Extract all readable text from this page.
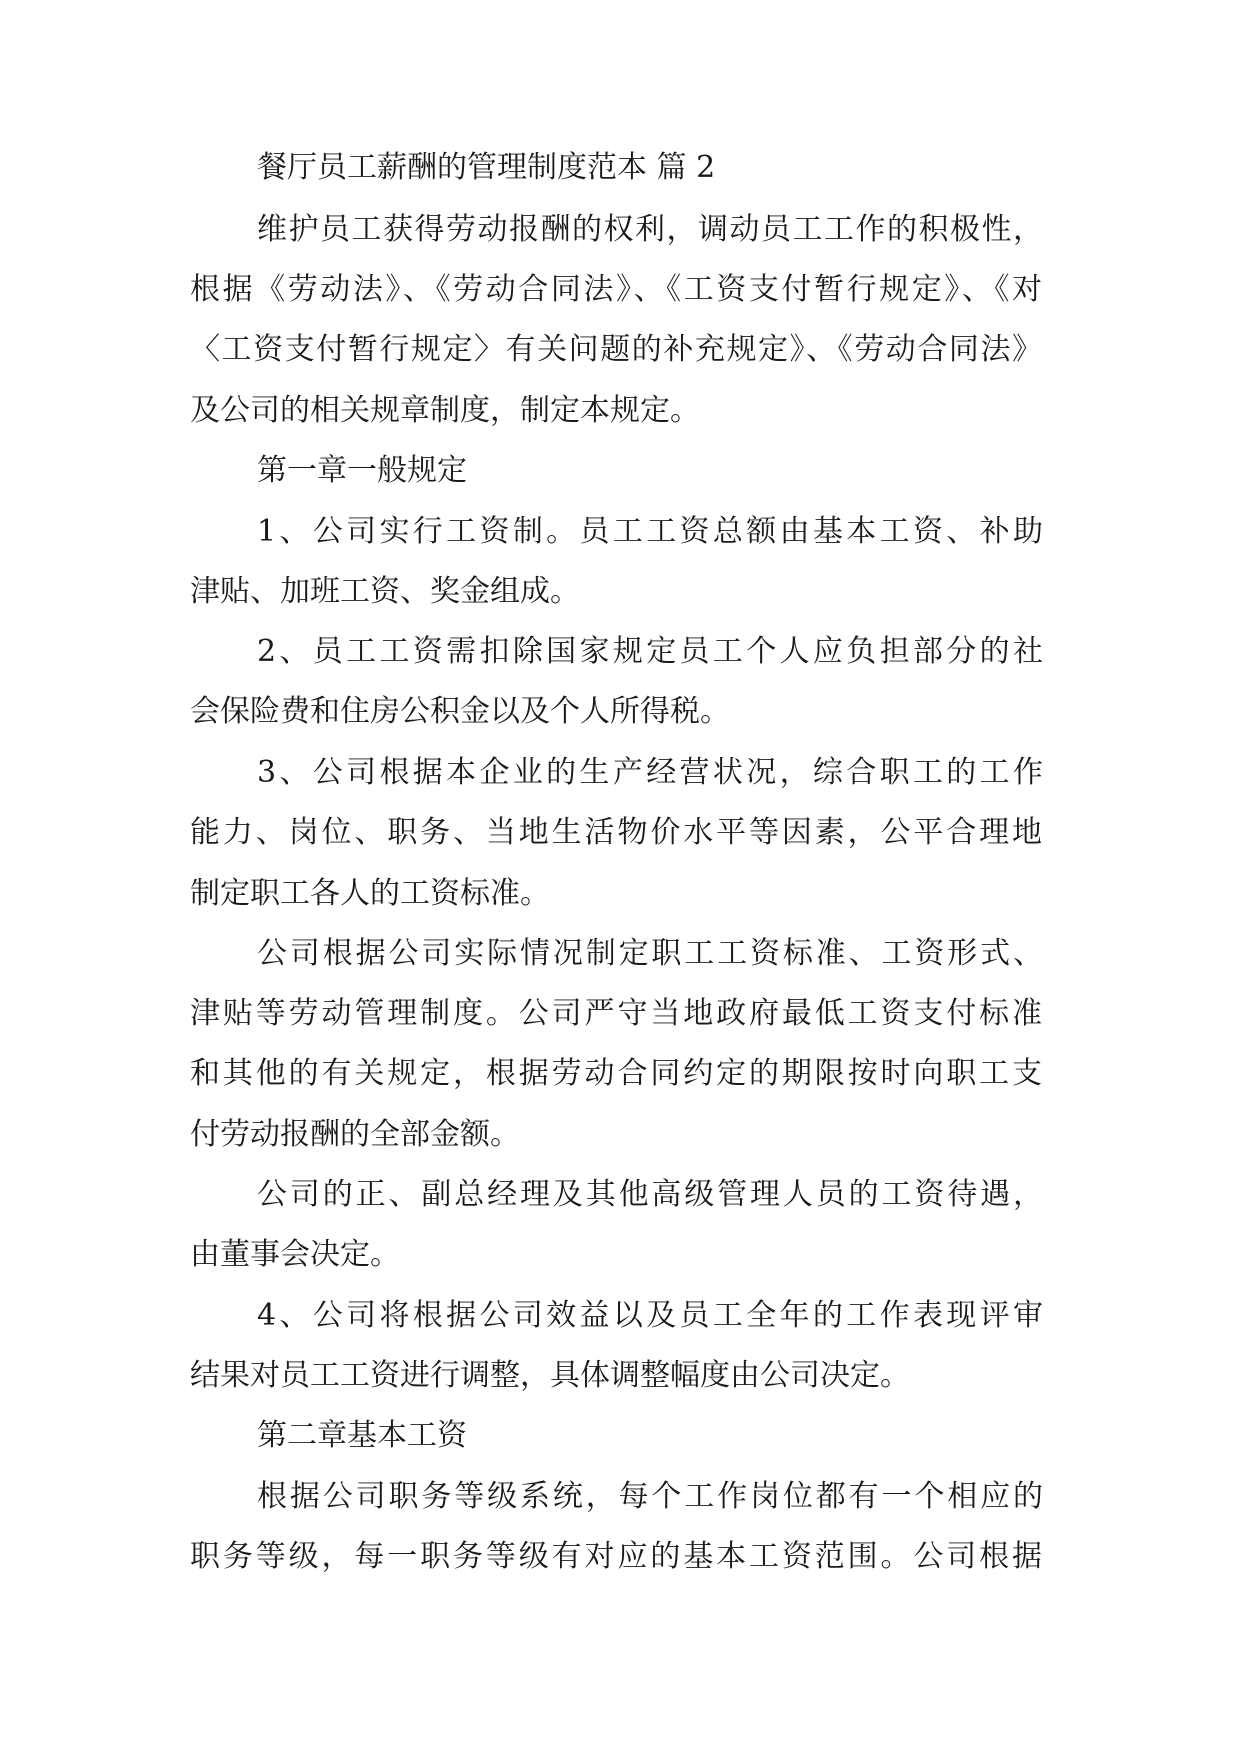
餐厅员工薪酬的管理制度范本 篇 2
维护员工获得劳动报酬的权利，调动员工工作的积极性，
根据《劳动法》、《劳动合同法》、《工资支付暂行规定》、《对
〈工资支付暂行规定〉有关问题的补充规定》、《劳动合同法》
及公司的相关规章制度，制定本规定。
第一章一般规定
1、公司实行工资制。员工工资总额由基本工资、补助
津贴、加班工资、奖金组成。
2、员工工资需扣除国家规定员工个人应负担部分的社
会保险费和住房公积金以及个人所得税。
3、公司根据本企业的生产经营状况，综合职工的工作
能力、岗位、职务、当地生活物价水平等因素，公平合理地
制定职工各人的工资标准。
公司根据公司实际情况制定职工工资标准、工资形式、
津贴等劳动管理制度。公司严守当地政府最低工资支付标准
和其他的有关规定，根据劳动合同约定的期限按时向职工支
付劳动报酬的全部金额。
公司的正、副总经理及其他高级管理人员的工资待遇，
由董事会决定。
4、公司将根据公司效益以及员工全年的工作表现评审
结果对员工工资进行调整，具体调整幅度由公司决定。
第二章基本工资
根据公司职务等级系统，每个工作岗位都有一个相应的
职务等级，每一职务等级有对应的基本工资范围。公司根据
